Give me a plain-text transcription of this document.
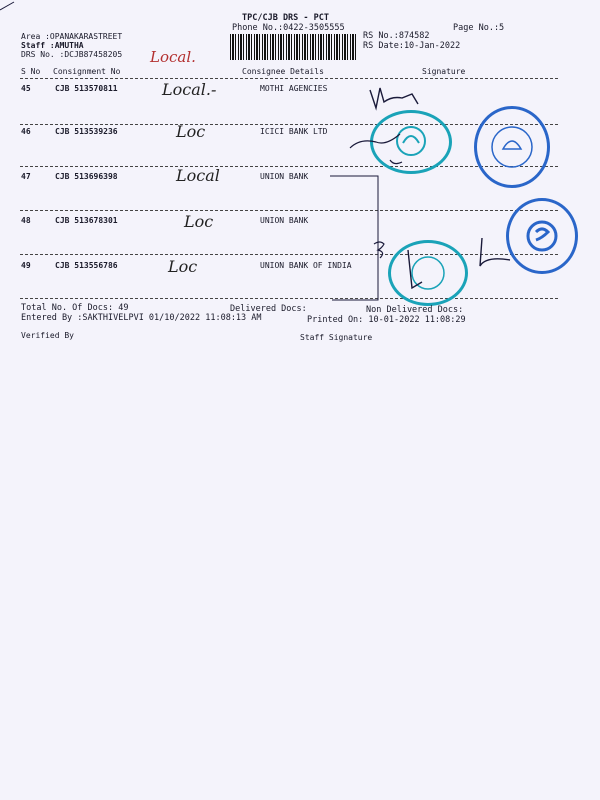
TPC/CJB DRS - PCT
Phone No.:0422-3505555
Area :OPANAKARASTREET
Staff :AMUTHA
DRS No. :DCJB87458205 Local.
RS No.:874582
RS Date:10-Jan-2022
Page No.:5
S No Consignment No	Consignee Details	Signature
45	CJB 513570811	Local.-	MOTHI AGENCIES
46	CJB 513539236	Loc	ICICI BANK LTD
47	CJB 513696398	Local	UNION BANK
48	CJB 513678301	Loc	UNION BANK
49	CJB 513556786	Loc	UNION BANK OF INDIA
Total No. Of Docs: 49	Delivered Docs:	Non Delivered Docs:
Entered By :SAKTHIVELPVI 01/10/2022 11:08:13 AM	Printed On: 10-01-2022 11:08:29
Verified By	Staff Signature
